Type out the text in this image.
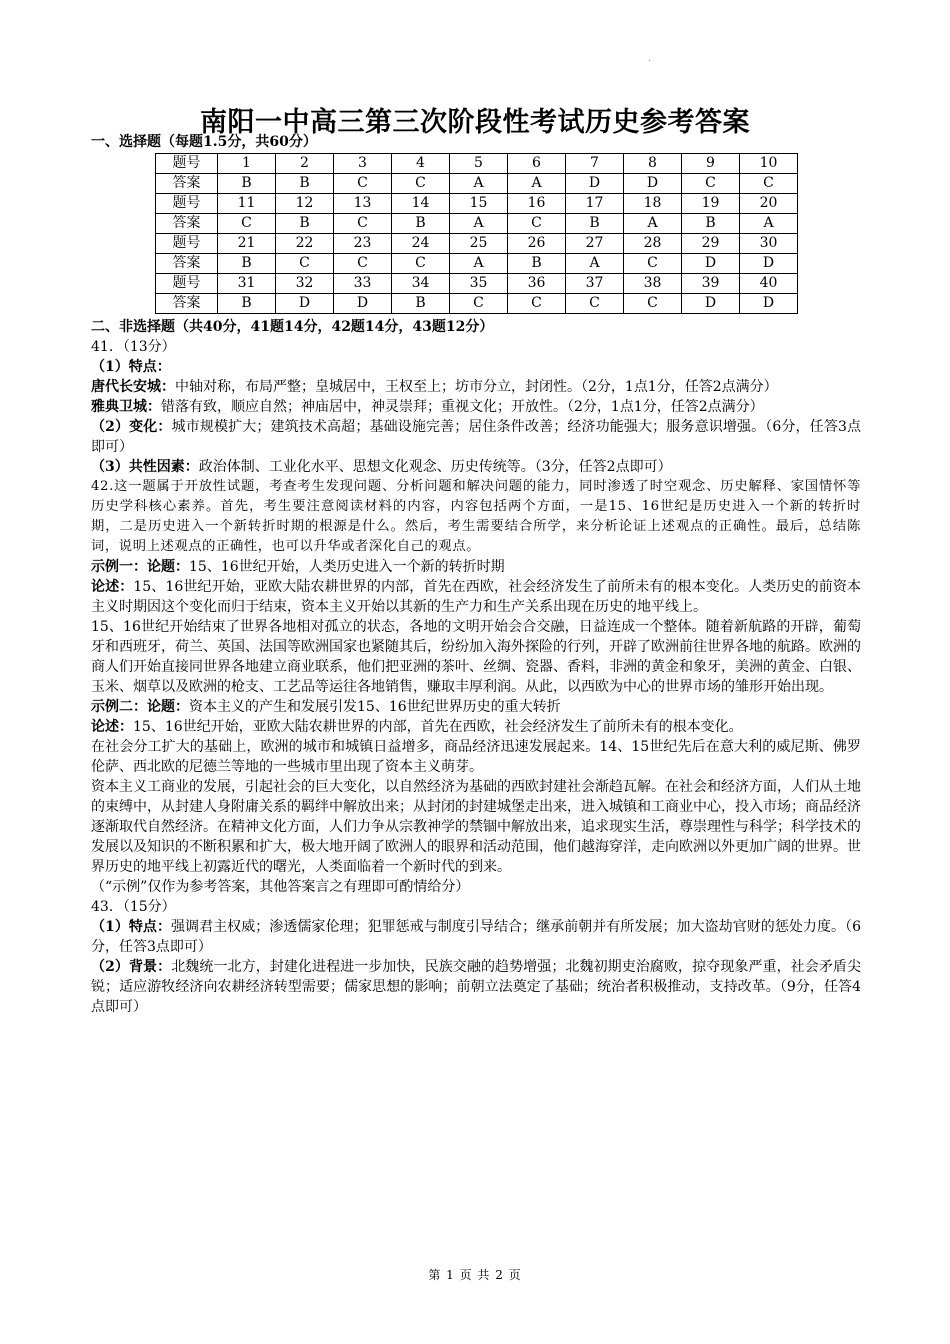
·
南阳一中高三第三次阶段性考试历史参考答案
一、选择题（每题1.5分，共60分）
题号	1	2	3	4	5	6	7	8	9	10
答案	B	B	C	C	A	A	D	D	C	C
题号	11	12	13	14	15	16	17	18	19	20
答案	C	B	C	B	A	C	B	A	B	A
题号	21	22	23	24	25	26	27	28	29	30
答案	B	C	C	C	A	B	A	C	D	D
题号	31	32	33	34	35	36	37	38	39	40
答案	B	D	D	B	C	C	C	C	D	D
二、非选择题（共40分，41题14分，42题14分，43题12分）

41．（13分）

（1）特点：

唐代长安城：中轴对称，布局严整；皇城居中，王权至上；坊市分立，封闭性。（2分，1点1分，任答2点满分）

雅典卫城：错落有致，顺应自然；神庙居中，神灵崇拜；重视文化；开放性。（2分，1点1分，任答2点满分）

（2）变化：城市规模扩大；建筑技术高超；基础设施完善；居住条件改善；经济功能强大；服务意识增强。（6分，任答3点即可）

（3）共性因素：政治体制、工业化水平、思想文化观念、历史传统等。（3分，任答2点即可）

42.这一题属于开放性试题，考查考生发现问题、分析问题和解决问题的能力，同时渗透了时空观念、历史解释、家国情怀等历史学科核心素养。首先，考生要注意阅读材料的内容，内容包括两个方面，一是15、16世纪是历史进入一个新的转折时期，二是历史进入一个新转折时期的根源是什么。然后，考生需要结合所学，来分析论证上述观点的正确性。最后，总结陈词，说明上述观点的正确性，也可以升华或者深化自己的观点。

示例一：论题：15、16世纪开始，人类历史进入一个新的转折时期

论述：15、16世纪开始，亚欧大陆农耕世界的内部，首先在西欧，社会经济发生了前所未有的根本变化。人类历史的前资本主义时期因这个变化而归于结束，资本主义开始以其新的生产力和生产关系出现在历史的地平线上。

15、16世纪开始结束了世界各地相对孤立的状态，各地的文明开始会合交融，日益连成一个整体。随着新航路的开辟，葡萄牙和西班牙，荷兰、英国、法国等欧洲国家也紧随其后，纷纷加入海外探险的行列，开辟了欧洲前往世界各地的航路。欧洲的商人们开始直接同世界各地建立商业联系，他们把亚洲的茶叶、丝绸、瓷器、香料，非洲的黄金和象牙，美洲的黄金、白银、玉米、烟草以及欧洲的枪支、工艺品等运往各地销售，赚取丰厚利润。从此，以西欧为中心的世界市场的雏形开始出现。

示例二：论题：资本主义的产生和发展引发15、16世纪世界历史的重大转折

论述：15、16世纪开始，亚欧大陆农耕世界的内部，首先在西欧，社会经济发生了前所未有的根本变化。

在社会分工扩大的基础上，欧洲的城市和城镇日益增多，商品经济迅速发展起来。14、15世纪先后在意大利的威尼斯、佛罗伦萨、西北欧的尼德兰等地的一些城市里出现了资本主义萌芽。

资本主义工商业的发展，引起社会的巨大变化，以自然经济为基础的西欧封建社会渐趋瓦解。在社会和经济方面，人们从土地的束缚中，从封建人身附庸关系的羁绊中解放出来；从封闭的封建城堡走出来，进入城镇和工商业中心，投入市场；商品经济逐渐取代自然经济。在精神文化方面，人们力争从宗教神学的禁锢中解放出来，追求现实生活，尊崇理性与科学；科学技术的发展以及知识的不断积累和扩大，极大地开阔了欧洲人的眼界和活动范围，他们越海穿洋，走向欧洲以外更加广阔的世界。世界历史的地平线上初露近代的曙光，人类面临着一个新时代的到来。

（“示例”仅作为参考答案，其他答案言之有理即可酌情给分）

43．（15分）

（1）特点：强调君主权威；渗透儒家伦理；犯罪惩戒与制度引导结合；继承前朝并有所发展；加大盗劫官财的惩处力度。（6分，任答3点即可）

（2）背景：北魏统一北方，封建化进程进一步加快，民族交融的趋势增强；北魏初期吏治腐败，掠夺现象严重，社会矛盾尖锐；适应游牧经济向农耕经济转型需要；儒家思想的影响；前朝立法奠定了基础；统治者积极推动，支持改革。（9分，任答4点即可）

第 1 页 共 2 页
